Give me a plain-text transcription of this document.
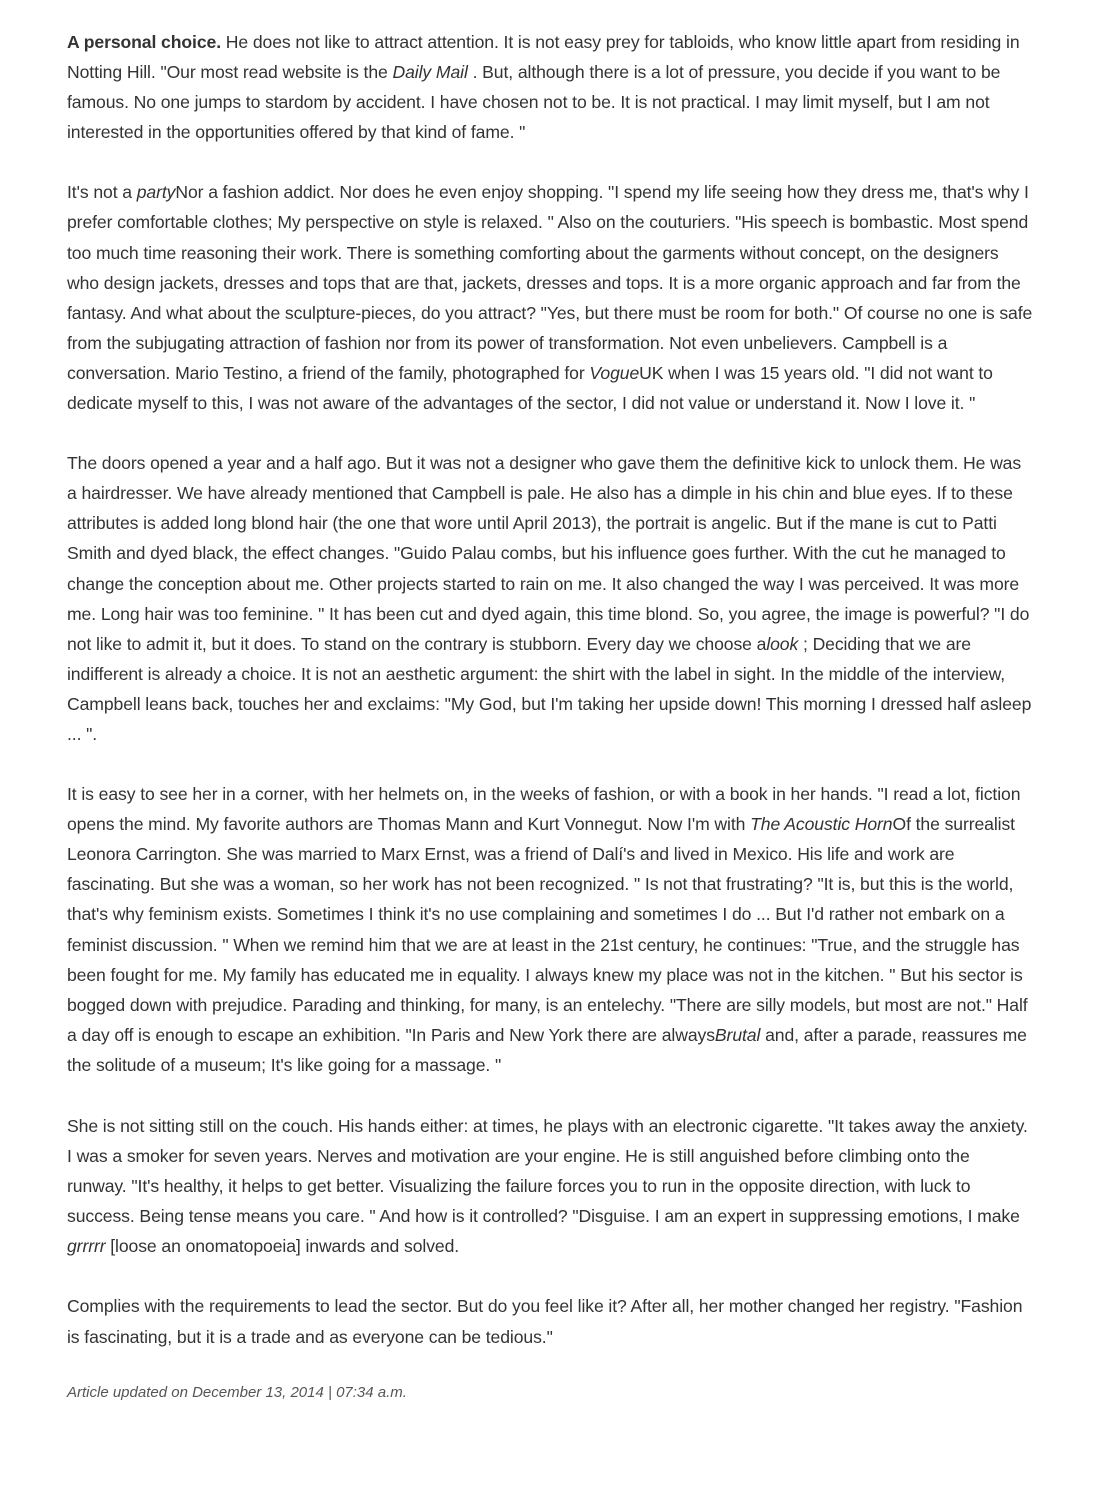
A personal choice. He does not like to attract attention. It is not easy prey for tabloids, who know little apart from residing in Notting Hill. "Our most read website is the Daily Mail . But, although there is a lot of pressure, you decide if you want to be famous. No one jumps to stardom by accident. I have chosen not to be. It is not practical. I may limit myself, but I am not interested in the opportunities offered by that kind of fame. "

It's not a partyNor a fashion addict. Nor does he even enjoy shopping. "I spend my life seeing how they dress me, that's why I prefer comfortable clothes; My perspective on style is relaxed. " Also on the couturiers. "His speech is bombastic. Most spend too much time reasoning their work. There is something comforting about the garments without concept, on the designers who design jackets, dresses and tops that are that, jackets, dresses and tops. It is a more organic approach and far from the fantasy. And what about the sculpture-pieces, do you attract? "Yes, but there must be room for both." Of course no one is safe from the subjugating attraction of fashion nor from its power of transformation. Not even unbelievers. Campbell is a conversation. Mario Testino, a friend of the family, photographed for VogueUK when I was 15 years old. "I did not want to dedicate myself to this, I was not aware of the advantages of the sector, I did not value or understand it. Now I love it. "

The doors opened a year and a half ago. But it was not a designer who gave them the definitive kick to unlock them. He was a hairdresser. We have already mentioned that Campbell is pale. He also has a dimple in his chin and blue eyes. If to these attributes is added long blond hair (the one that wore until April 2013), the portrait is angelic. But if the mane is cut to Patti Smith and dyed black, the effect changes. "Guido Palau combs, but his influence goes further. With the cut he managed to change the conception about me. Other projects started to rain on me. It also changed the way I was perceived. It was more me. Long hair was too feminine. " It has been cut and dyed again, this time blond. So, you agree, the image is powerful? "I do not like to admit it, but it does. To stand on the contrary is stubborn. Every day we choose alook ; Deciding that we are indifferent is already a choice. It is not an aesthetic argument: the shirt with the label in sight. In the middle of the interview, Campbell leans back, touches her and exclaims: "My God, but I'm taking her upside down! This morning I dressed half asleep ... ".

It is easy to see her in a corner, with her helmets on, in the weeks of fashion, or with a book in her hands. "I read a lot, fiction opens the mind. My favorite authors are Thomas Mann and Kurt Vonnegut. Now I'm with The Acoustic HornOf the surrealist Leonora Carrington. She was married to Marx Ernst, was a friend of Dalí's and lived in Mexico. His life and work are fascinating. But she was a woman, so her work has not been recognized. " Is not that frustrating? "It is, but this is the world, that's why feminism exists. Sometimes I think it's no use complaining and sometimes I do ... But I'd rather not embark on a feminist discussion. " When we remind him that we are at least in the 21st century, he continues: "True, and the struggle has been fought for me. My family has educated me in equality. I always knew my place was not in the kitchen. " But his sector is bogged down with prejudice. Parading and thinking, for many, is an entelechy. "There are silly models, but most are not." Half a day off is enough to escape an exhibition. "In Paris and New York there are alwaysBrutal and, after a parade, reassures me the solitude of a museum; It's like going for a massage. "

She is not sitting still on the couch. His hands either: at times, he plays with an electronic cigarette. "It takes away the anxiety. I was a smoker for seven years. Nerves and motivation are your engine. He is still anguished before climbing onto the runway. "It's healthy, it helps to get better. Visualizing the failure forces you to run in the opposite direction, with luck to success. Being tense means you care. " And how is it controlled? "Disguise. I am an expert in suppressing emotions, I make grrrrr [loose an onomatopoeia] inwards and solved.

Complies with the requirements to lead the sector. But do you feel like it? After all, her mother changed her registry. "Fashion is fascinating, but it is a trade and as everyone can be tedious."

Article updated on December 13, 2014 | 07:34 a.m.
